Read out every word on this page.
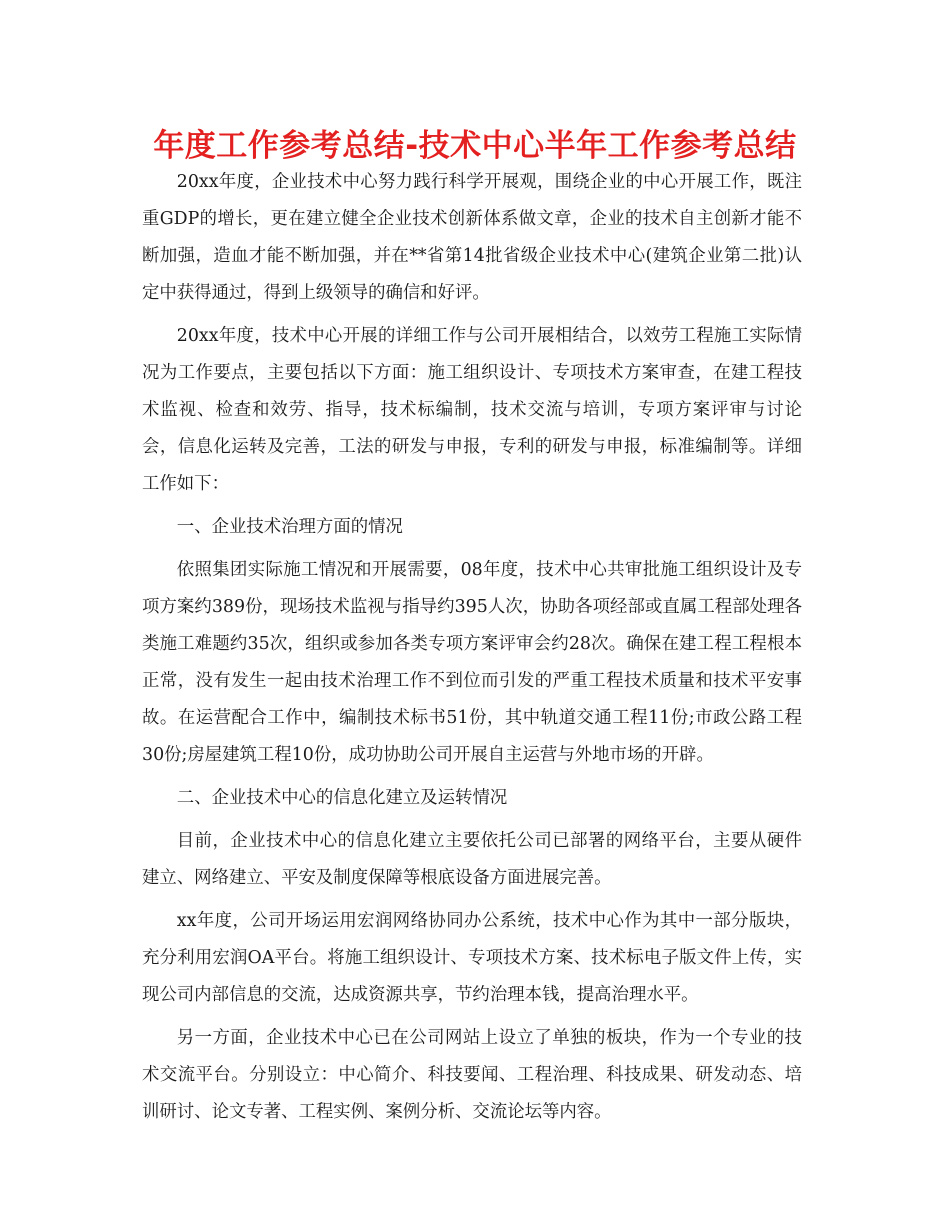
年度工作参考总结-技术中心半年工作参考总结

20xx年度，企业技术中心努力践行科学开展观，围绕企业的中心开展工作，既注重GDP的增长，更在建立健全企业技术创新体系做文章，企业的技术自主创新才能不断加强，造血才能不断加强，并在**省第14批省级企业技术中心(建筑企业第二批)认定中获得通过，得到上级领导的确信和好评。

20xx年度，技术中心开展的详细工作与公司开展相结合，以效劳工程施工实际情况为工作要点，主要包括以下方面：施工组织设计、专项技术方案审查，在建工程技术监视、检查和效劳、指导，技术标编制，技术交流与培训，专项方案评审与讨论会，信息化运转及完善，工法的研发与申报，专利的研发与申报，标准编制等。详细工作如下：

一、企业技术治理方面的情况

依照集团实际施工情况和开展需要，08年度，技术中心共审批施工组织设计及专项方案约389份，现场技术监视与指导约395人次，协助各项经部或直属工程部处理各类施工难题约35次，组织或参加各类专项方案评审会约28次。确保在建工程工程根本正常，没有发生一起由技术治理工作不到位而引发的严重工程技术质量和技术平安事故。在运营配合工作中，编制技术标书51份，其中轨道交通工程11份;市政公路工程30份;房屋建筑工程10份，成功协助公司开展自主运营与外地市场的开辟。

二、企业技术中心的信息化建立及运转情况

目前，企业技术中心的信息化建立主要依托公司已部署的网络平台，主要从硬件建立、网络建立、平安及制度保障等根底设备方面进展完善。

xx年度，公司开场运用宏润网络协同办公系统，技术中心作为其中一部分版块，充分利用宏润OA平台。将施工组织设计、专项技术方案、技术标电子版文件上传，实现公司内部信息的交流，达成资源共享，节约治理本钱，提高治理水平。

另一方面，企业技术中心已在公司网站上设立了单独的板块，作为一个专业的技术交流平台。分别设立：中心简介、科技要闻、工程治理、科技成果、研发动态、培训研讨、论文专著、工程实例、案例分析、交流论坛等内容。
